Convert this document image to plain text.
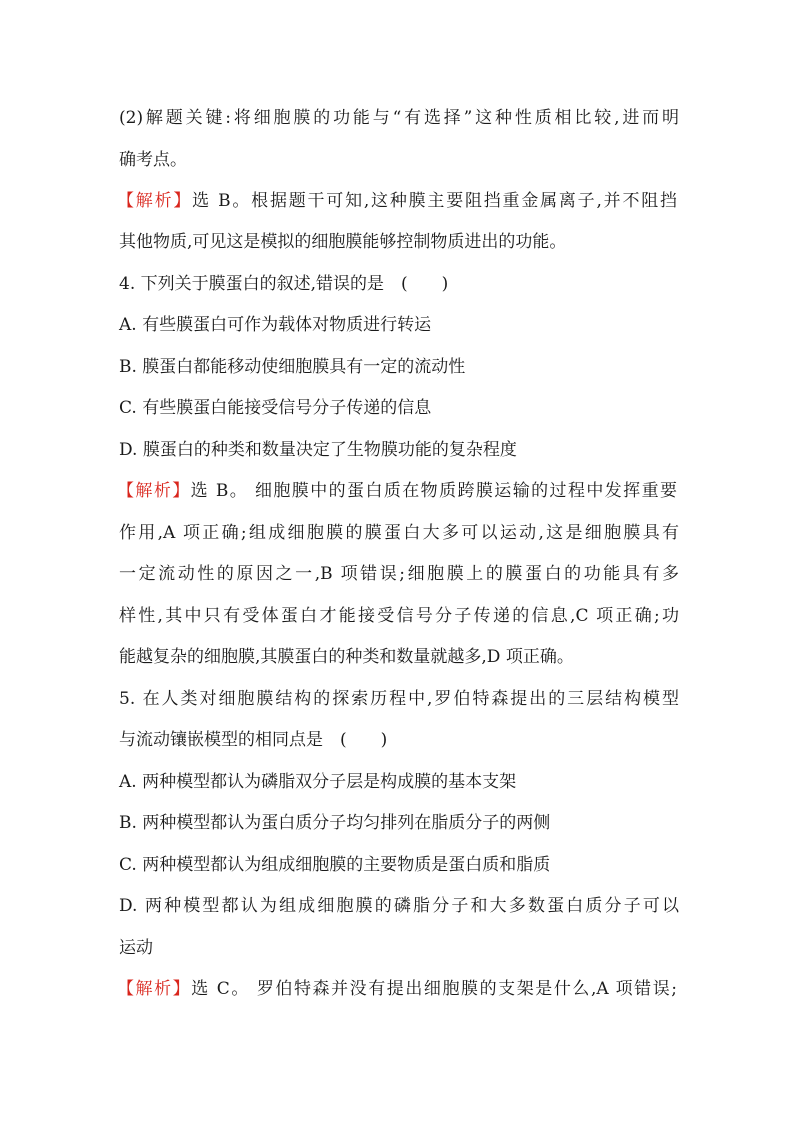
(2)解题关键:将细胞膜的功能与“有选择”这种性质相比较,进而明
确考点。
【解析】选 B。根据题干可知,这种膜主要阻挡重金属离子,并不阻挡
其他物质,可见这是模拟的细胞膜能够控制物质进出的功能。
4. 下列关于膜蛋白的叙述,错误的是　(　　)
A. 有些膜蛋白可作为载体对物质进行转运
B. 膜蛋白都能移动使细胞膜具有一定的流动性
C. 有些膜蛋白能接受信号分子传递的信息
D. 膜蛋白的种类和数量决定了生物膜功能的复杂程度
【解析】选 B。 细胞膜中的蛋白质在物质跨膜运输的过程中发挥重要
作用,A 项正确;组成细胞膜的膜蛋白大多可以运动,这是细胞膜具有
一定流动性的原因之一,B 项错误;细胞膜上的膜蛋白的功能具有多
样性,其中只有受体蛋白才能接受信号分子传递的信息,C 项正确;功
能越复杂的细胞膜,其膜蛋白的种类和数量就越多,D 项正确。
5. 在人类对细胞膜结构的探索历程中,罗伯特森提出的三层结构模型
与流动镶嵌模型的相同点是　(　　)
A. 两种模型都认为磷脂双分子层是构成膜的基本支架
B. 两种模型都认为蛋白质分子均匀排列在脂质分子的两侧
C. 两种模型都认为组成细胞膜的主要物质是蛋白质和脂质
D. 两种模型都认为组成细胞膜的磷脂分子和大多数蛋白质分子可以
运动
【解析】选 C。 罗伯特森并没有提出细胞膜的支架是什么,A 项错误;
